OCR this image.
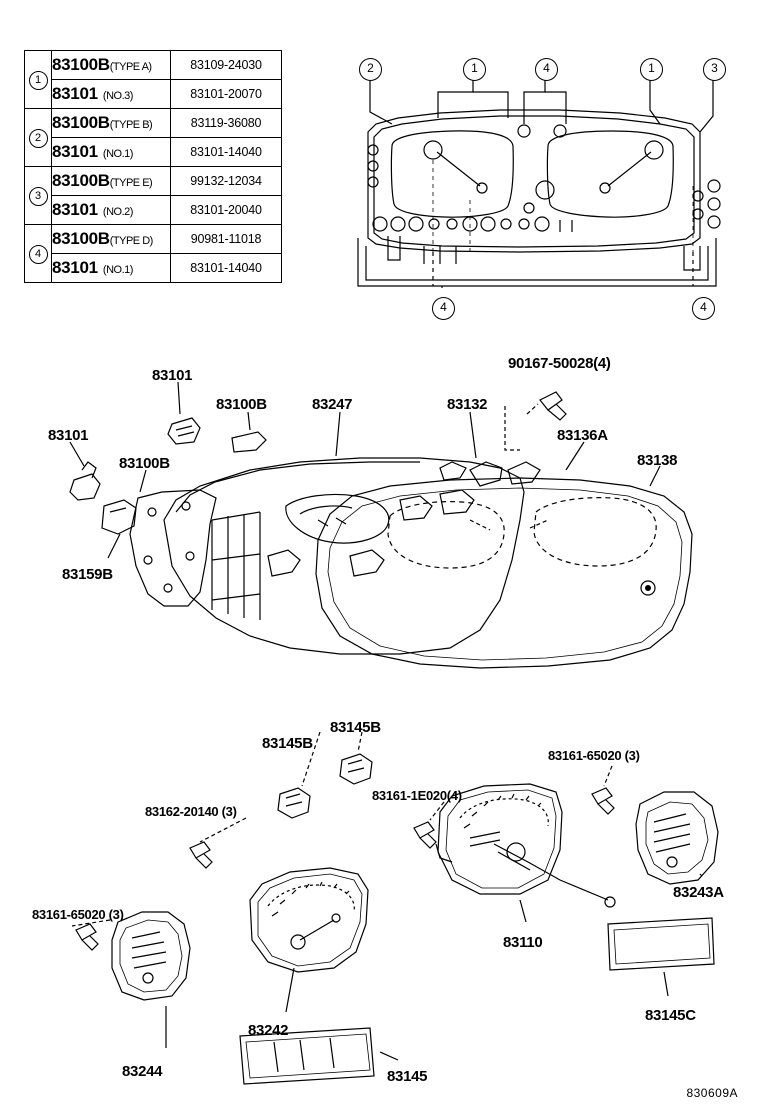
1	83100B(TYPE A)	83109-24030
	83101 (NO.3)	83101-20070
2	83100B(TYPE B)	83119-36080
	83101 (NO.1)	83101-14040
3	83100B(TYPE E)	99132-12034
	83101 (NO.2)	83101-20040
4	83100B(TYPE D)	90981-11018
	83101 (NO.1)	83101-14040
2	1	4	1	3
4	4
83101
83100B	83247	83132
90167-50028(4)
83136A
83138
83101
83100B
83159B
83145B
83145B
83161-65020 (3)
83161-1E020(4)
83162-20140 (3)
83161-65020 (3)
83243A
83110
83145C
83242
83244	83145
830609A
